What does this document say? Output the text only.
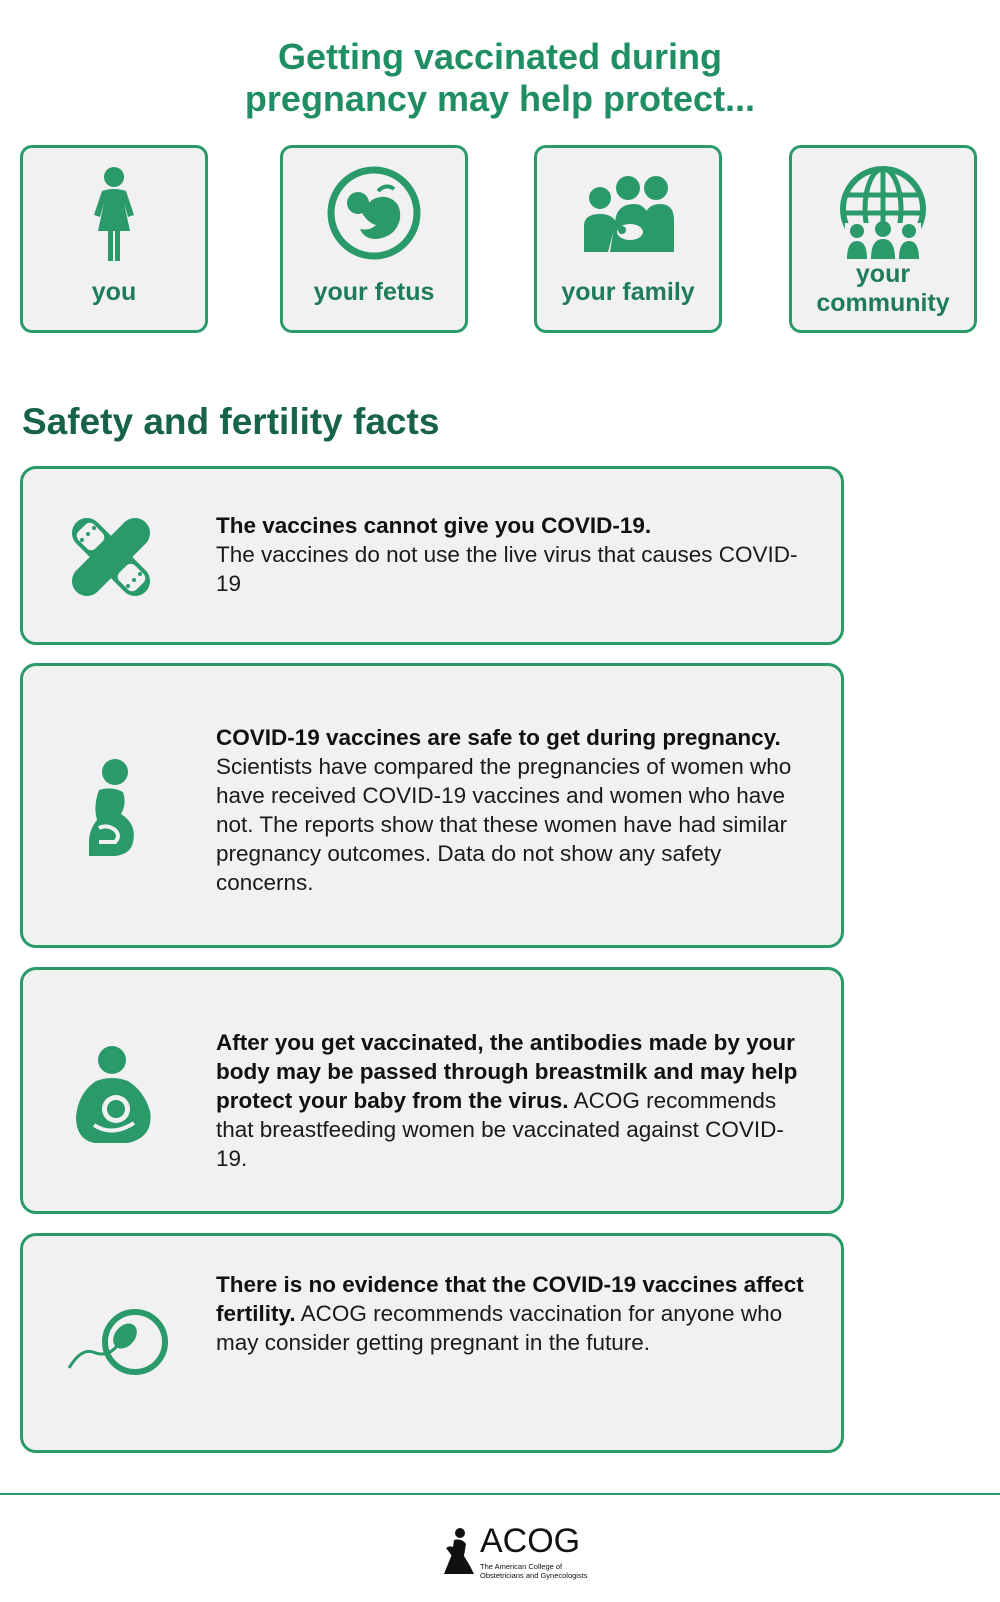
Getting vaccinated during
pregnancy may help protect...
you	your fetus	your family
your
community
Safety and fertility facts
The vaccines cannot give you COVID-19.
The vaccines do not use the live virus that causes COVID-19
COVID-19 vaccines are safe to get during pregnancy.
Scientists have compared the pregnancies of women who have received COVID-19 vaccines and women who have not. The reports show that these women have had similar pregnancy outcomes. Data do not show any safety concerns.
After you get vaccinated, the antibodies made by your body may be passed through breastmilk and may help protect your baby from the virus. ACOG recommends that breastfeeding women be vaccinated against COVID-19.
There is no evidence that the COVID-19 vaccines affect fertility. ACOG recommends vaccination for anyone who may consider getting pregnant in the future.
ACOG
The American College of
Obstetricians and Gynecologists
